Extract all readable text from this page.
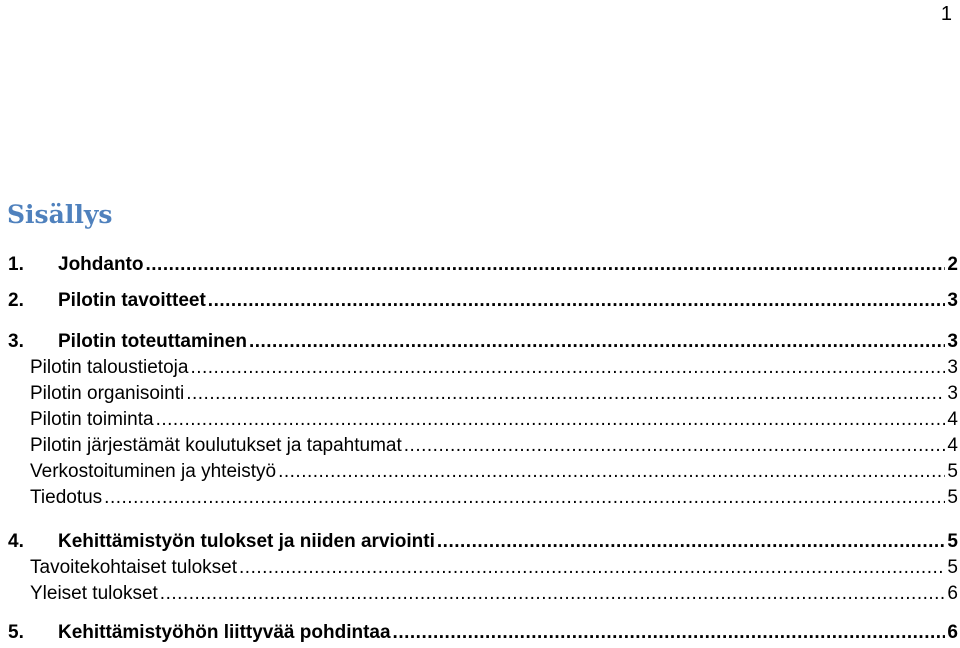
1
Sisällys
1.	Johdanto .....	2
2.	Pilotin tavoitteet .....	3
3.	Pilotin toteuttaminen .....	3
Pilotin taloustietoja .....	3
Pilotin organisointi .....	3
Pilotin toiminta .....	4
Pilotin järjestämät koulutukset ja tapahtumat .....	4
Verkostoituminen ja yhteistyö .....	5
Tiedotus .....	5
4.	Kehittämistyön tulokset ja niiden arviointi .....	5
Tavoitekohtaiset tulokset .....	5
Yleiset tulokset .....	6
5.	Kehittämistyöhön liittyvää pohdintaa .....	6
